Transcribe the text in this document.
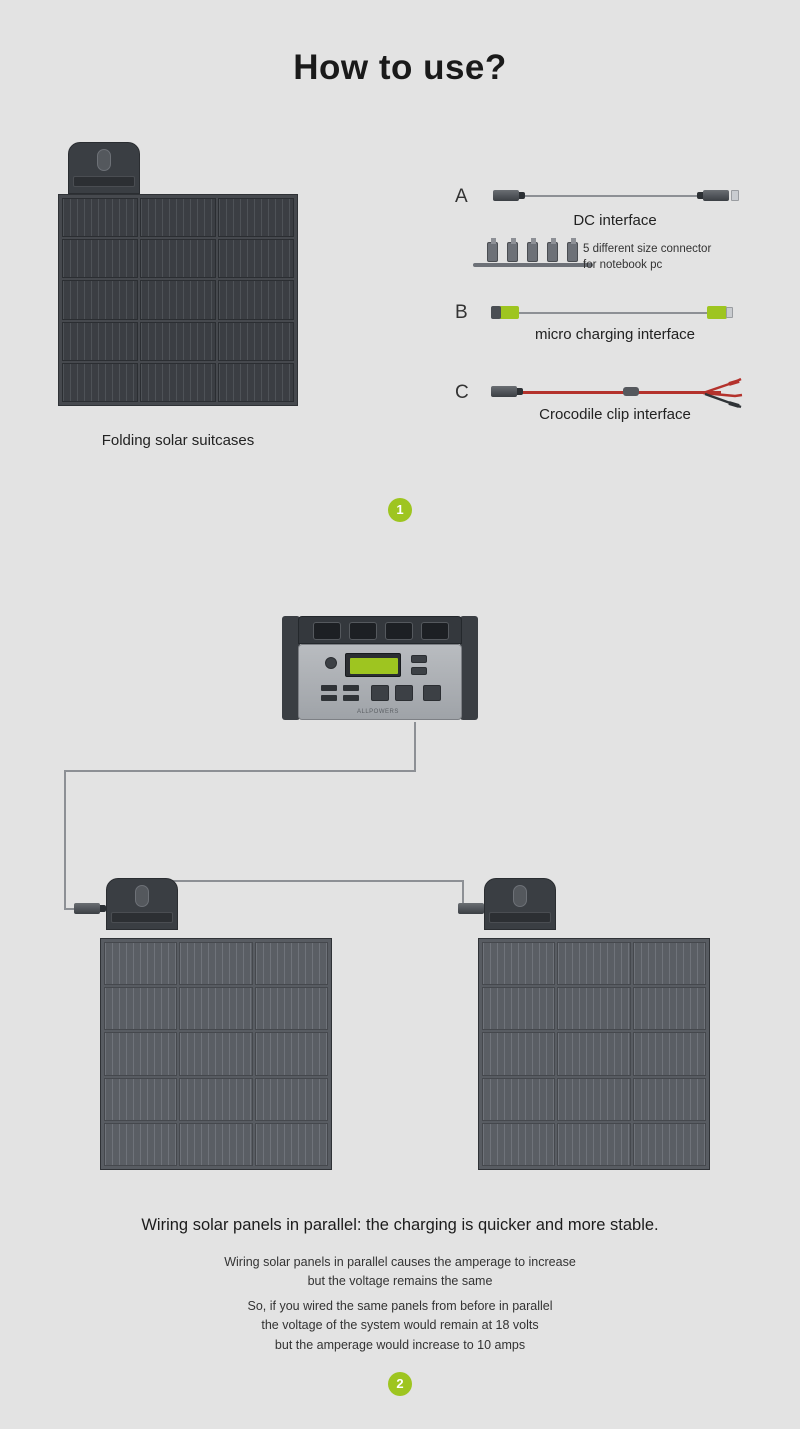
How to use?
Folding solar suitcases
A
DC interface
5 different size connector
for notebook pc
B
micro charging interface
C
Crocodile clip interface
1
ALLPOWERS
Wiring solar panels in parallel: the charging is quicker and more stable.
Wiring solar panels in parallel causes the amperage to increase
but the voltage remains the same
So, if you wired the same panels from before in parallel
the voltage of the system would remain at 18 volts
but the amperage would increase to 10 amps
2
